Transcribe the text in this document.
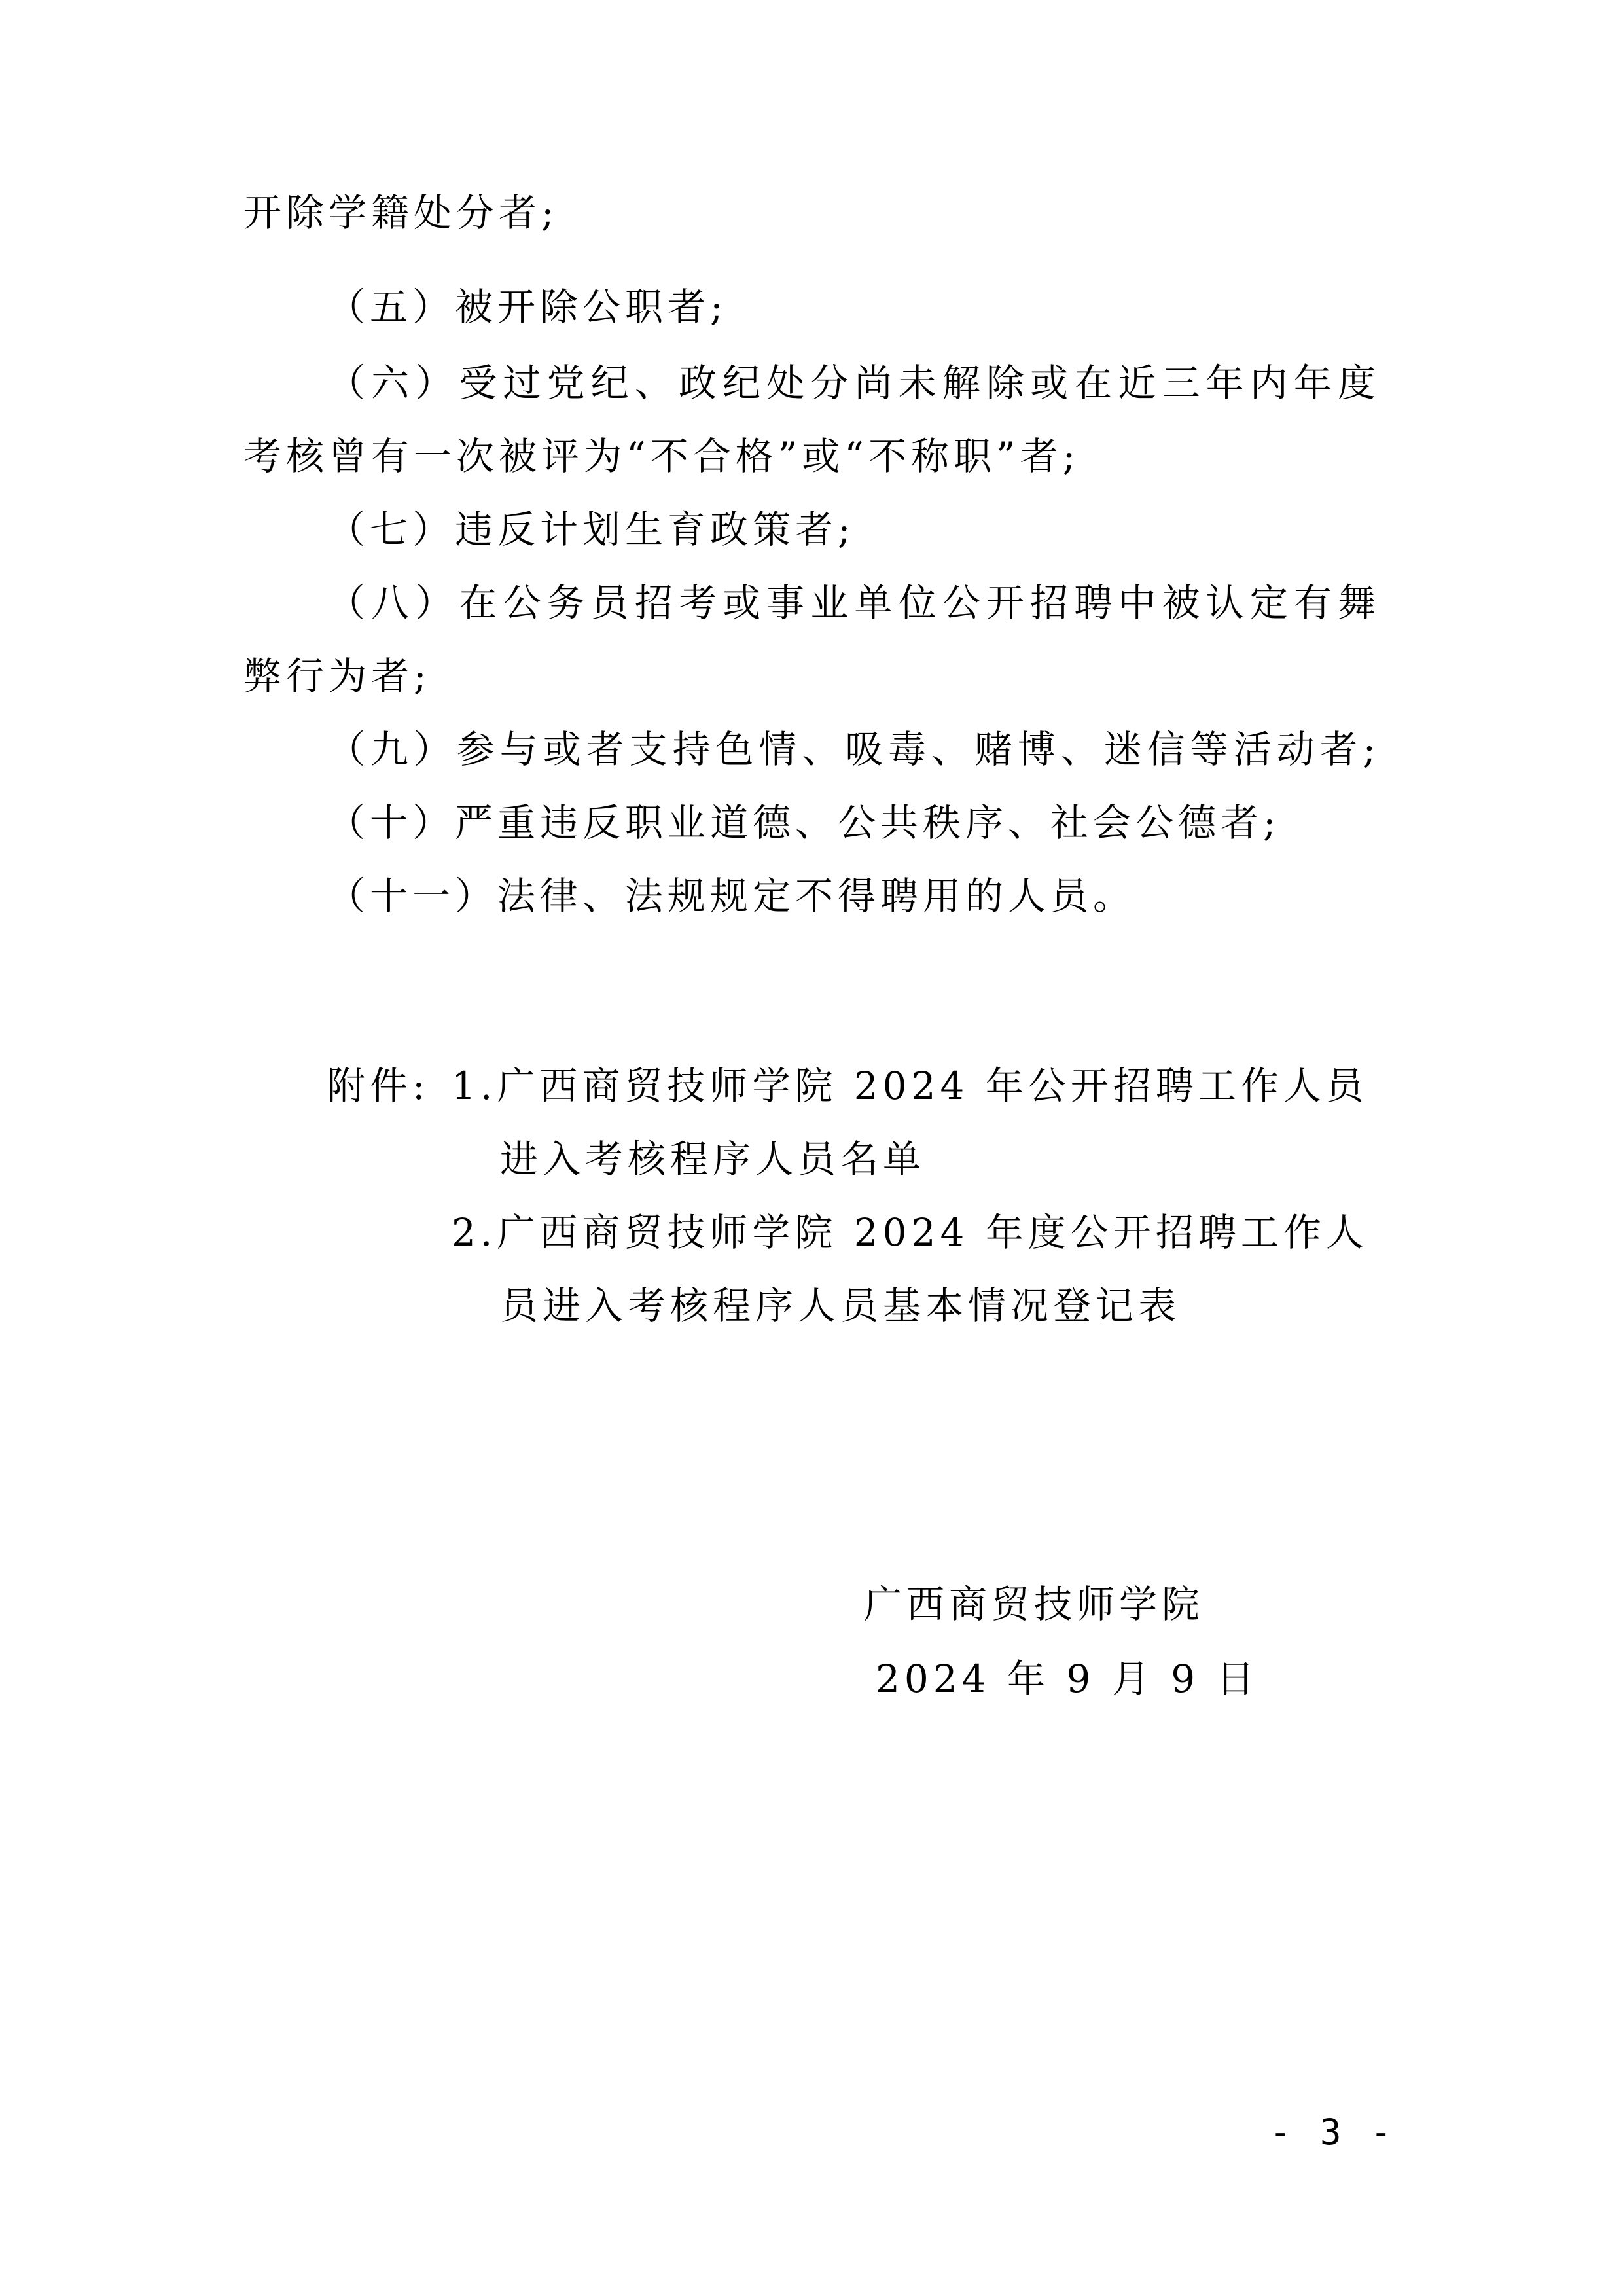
开除学籍处分者;
（五）被开除公职者;
（六）受过党纪、政纪处分尚未解除或在近三年内年度
考核曾有一次被评为“不合格”或“不称职”者;
（七）违反计划生育政策者;
（八）在公务员招考或事业单位公开招聘中被认定有舞
弊行为者;
（九）参与或者支持色情、吸毒、赌博、迷信等活动者;
（十）严重违反职业道德、公共秩序、社会公德者;
（十一）法律、法规规定不得聘用的人员。
附件: 1.广西商贸技师学院 2024 年公开招聘工作人员
进入考核程序人员名单
2.广西商贸技师学院 2024 年度公开招聘工作人
员进入考核程序人员基本情况登记表
广西商贸技师学院
2024 年 9 月 9 日
- 3 -
